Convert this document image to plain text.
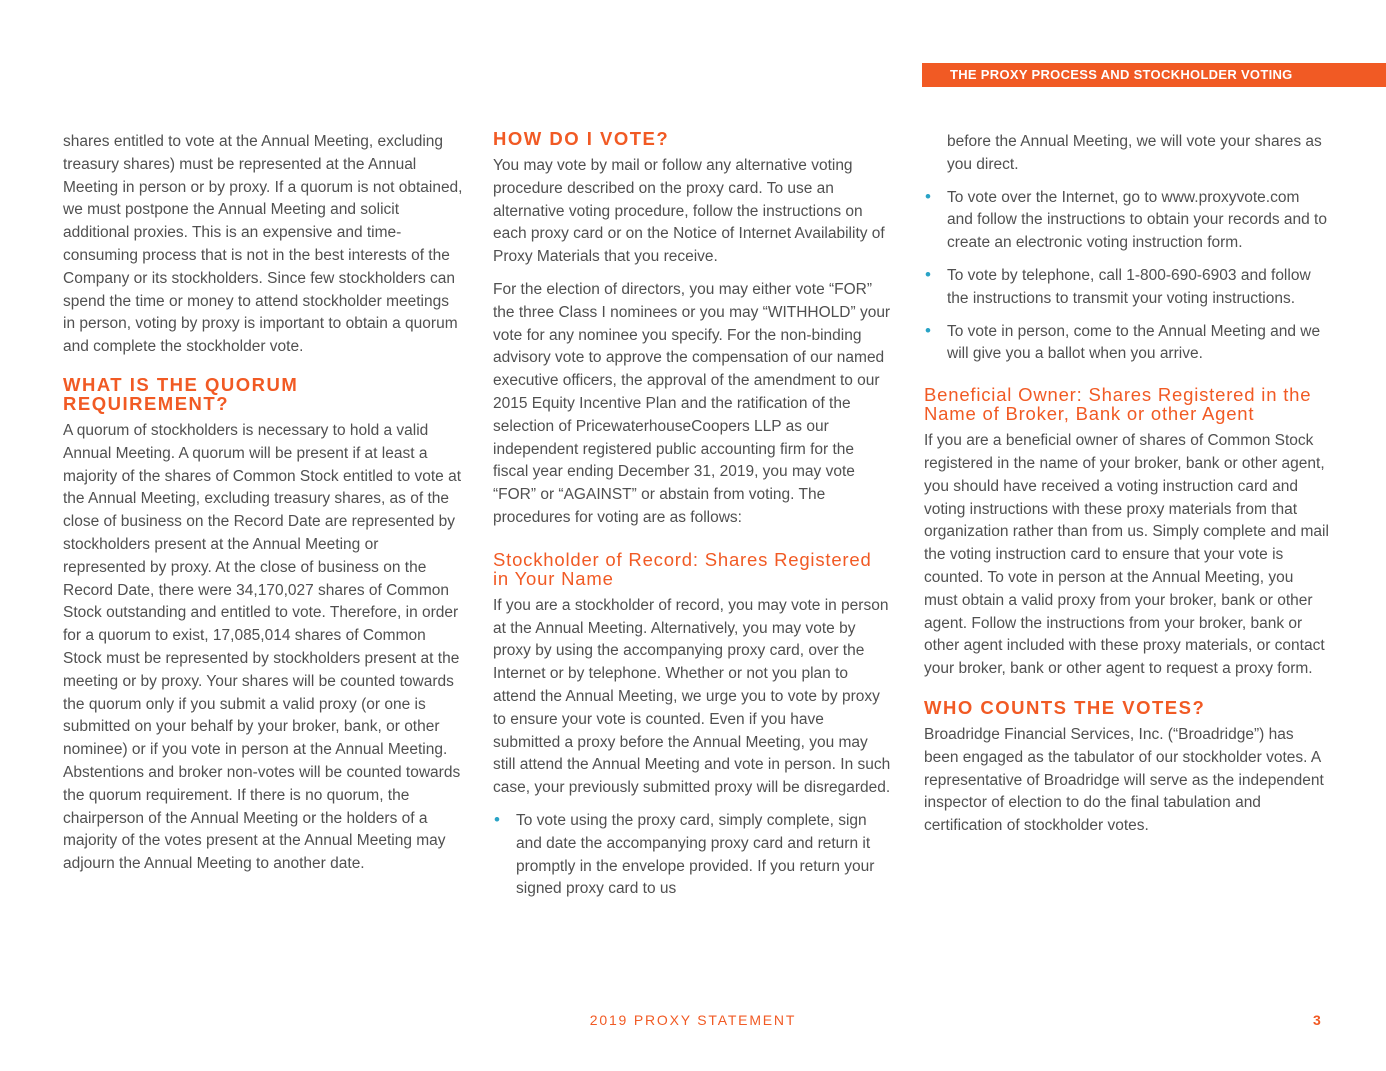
THE PROXY PROCESS AND STOCKHOLDER VOTING

shares entitled to vote at the Annual Meeting, excluding treasury shares) must be represented at the Annual Meeting in person or by proxy. If a quorum is not obtained, we must postpone the Annual Meeting and solicit additional proxies. This is an expensive and time-consuming process that is not in the best interests of the Company or its stockholders. Since few stockholders can spend the time or money to attend stockholder meetings in person, voting by proxy is important to obtain a quorum and complete the stockholder vote.

WHAT IS THE QUORUM REQUIREMENT?

A quorum of stockholders is necessary to hold a valid Annual Meeting. A quorum will be present if at least a majority of the shares of Common Stock entitled to vote at the Annual Meeting, excluding treasury shares, as of the close of business on the Record Date are represented by stockholders present at the Annual Meeting or represented by proxy. At the close of business on the Record Date, there were 34,170,027 shares of Common Stock outstanding and entitled to vote. Therefore, in order for a quorum to exist, 17,085,014 shares of Common Stock must be represented by stockholders present at the meeting or by proxy. Your shares will be counted towards the quorum only if you submit a valid proxy (or one is submitted on your behalf by your broker, bank, or other nominee) or if you vote in person at the Annual Meeting. Abstentions and broker non-votes will be counted towards the quorum requirement. If there is no quorum, the chairperson of the Annual Meeting or the holders of a majority of the votes present at the Annual Meeting may adjourn the Annual Meeting to another date.

HOW DO I VOTE?

You may vote by mail or follow any alternative voting procedure described on the proxy card. To use an alternative voting procedure, follow the instructions on each proxy card or on the Notice of Internet Availability of Proxy Materials that you receive.

For the election of directors, you may either vote “FOR” the three Class I nominees or you may “WITHHOLD” your vote for any nominee you specify. For the non-binding advisory vote to approve the compensation of our named executive officers, the approval of the amendment to our 2015 Equity Incentive Plan and the ratification of the selection of PricewaterhouseCoopers LLP as our independent registered public accounting firm for the fiscal year ending December 31, 2019, you may vote “FOR” or “AGAINST” or abstain from voting. The procedures for voting are as follows:

Stockholder of Record: Shares Registered in Your Name

If you are a stockholder of record, you may vote in person at the Annual Meeting. Alternatively, you may vote by proxy by using the accompanying proxy card, over the Internet or by telephone. Whether or not you plan to attend the Annual Meeting, we urge you to vote by proxy to ensure your vote is counted. Even if you have submitted a proxy before the Annual Meeting, you may still attend the Annual Meeting and vote in person. In such case, your previously submitted proxy will be disregarded.

• To vote using the proxy card, simply complete, sign and date the accompanying proxy card and return it promptly in the envelope provided. If you return your signed proxy card to us

before the Annual Meeting, we will vote your shares as you direct.

• To vote over the Internet, go to www.proxyvote.com and follow the instructions to obtain your records and to create an electronic voting instruction form.
• To vote by telephone, call 1-800-690-6903 and follow the instructions to transmit your voting instructions.
• To vote in person, come to the Annual Meeting and we will give you a ballot when you arrive.
Beneficial Owner: Shares Registered in the Name of Broker, Bank or other Agent

If you are a beneficial owner of shares of Common Stock registered in the name of your broker, bank or other agent, you should have received a voting instruction card and voting instructions with these proxy materials from that organization rather than from us. Simply complete and mail the voting instruction card to ensure that your vote is counted. To vote in person at the Annual Meeting, you must obtain a valid proxy from your broker, bank or other agent. Follow the instructions from your broker, bank or other agent included with these proxy materials, or contact your broker, bank or other agent to request a proxy form.

WHO COUNTS THE VOTES?

Broadridge Financial Services, Inc. (“Broadridge”) has been engaged as the tabulator of our stockholder votes. A representative of Broadridge will serve as the independent inspector of election to do the final tabulation and certification of stockholder votes.

2019 PROXY STATEMENT	3
